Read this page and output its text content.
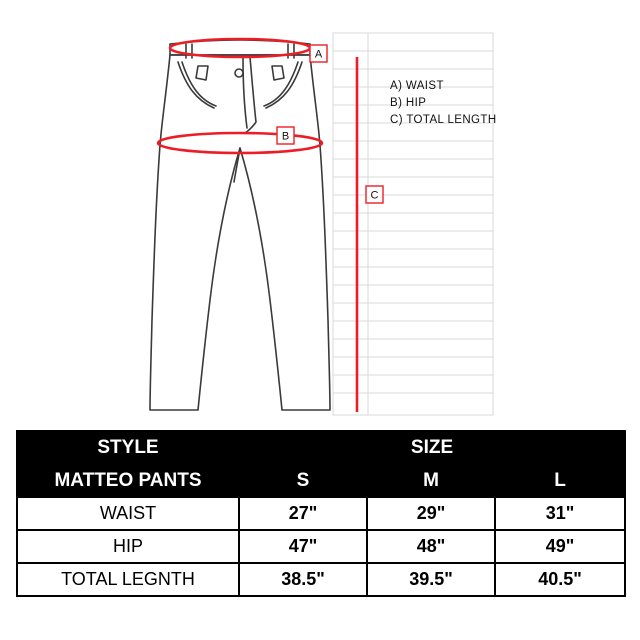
A
B
C
A) WAIST
B) HIP
C) TOTAL LENGTH
STYLE	SIZE		
MATTEO PANTS	S	M	L
WAIST	27"	29"	31"
HIP	47"	48"	49"
TOTAL LEGNTH	38.5"	39.5"	40.5"
